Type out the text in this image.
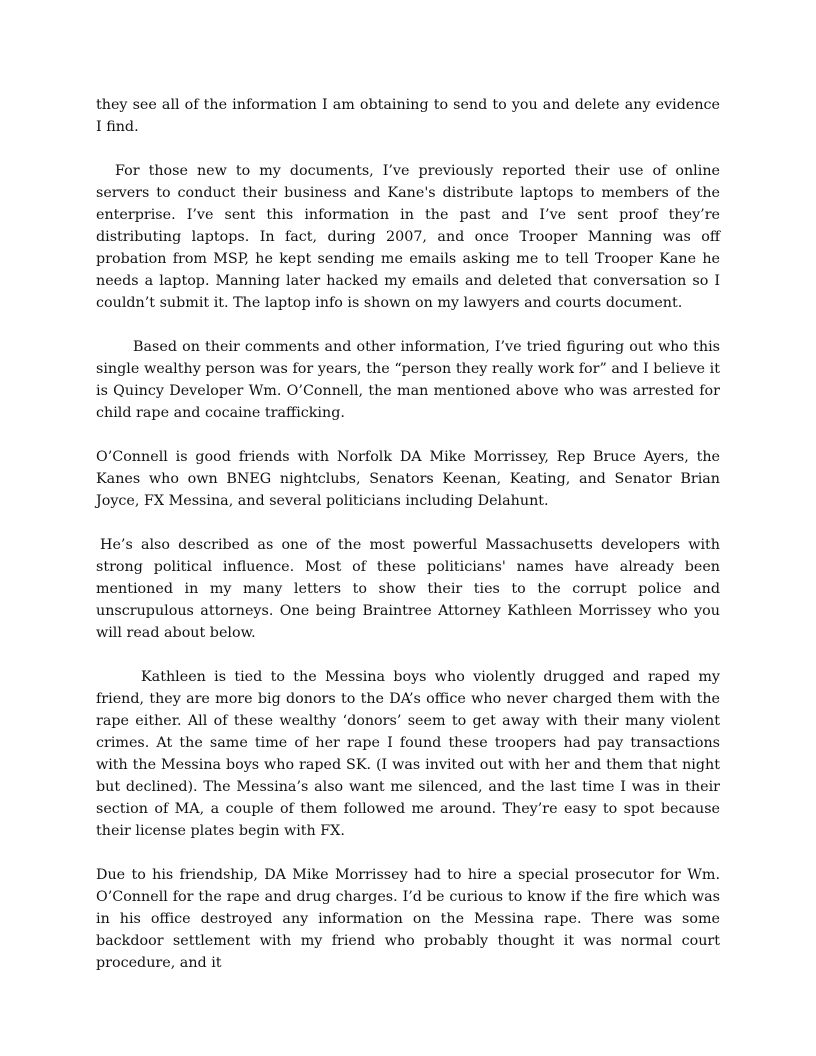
they see all of the information I am obtaining to send to you and delete any evidence I find.

For those new to my documents, I’ve previously reported their use of online servers to conduct their business and Kane's distribute laptops to members of the enterprise. I’ve sent this information in the past and I’ve sent proof they’re distributing laptops. In fact, during 2007, and once Trooper Manning was off probation from MSP, he kept sending me emails asking me to tell Trooper Kane he needs a laptop. Manning later hacked my emails and deleted that conversation so I couldn’t submit it. The laptop info is shown on my lawyers and courts document.

Based on their comments and other information, I’ve tried figuring out who this single wealthy person was for years, the “person they really work for” and I believe it is Quincy Developer Wm. O’Connell, the man mentioned above who was arrested for child rape and cocaine trafficking.

O’Connell is good friends with Norfolk DA Mike Morrissey, Rep Bruce Ayers, the Kanes who own BNEG nightclubs, Senators Keenan, Keating, and Senator Brian Joyce, FX Messina, and several politicians including Delahunt.

He’s also described as one of the most powerful Massachusetts developers with strong political influence. Most of these politicians' names have already been mentioned in my many letters to show their ties to the corrupt police and unscrupulous attorneys. One being Braintree Attorney Kathleen Morrissey who you will read about below.

Kathleen is tied to the Messina boys who violently drugged and raped my friend, they are more big donors to the DA’s office who never charged them with the rape either. All of these wealthy ‘donors’ seem to get away with their many violent crimes. At the same time of her rape I found these troopers had pay transactions with the Messina boys who raped SK. (I was invited out with her and them that night but declined). The Messina’s also want me silenced, and the last time I was in their section of MA, a couple of them followed me around. They’re easy to spot because their license plates begin with FX.

Due to his friendship, DA Mike Morrissey had to hire a special prosecutor for Wm. O’Connell for the rape and drug charges. I’d be curious to know if the fire which was in his office destroyed any information on the Messina rape. There was some backdoor settlement with my friend who probably thought it was normal court procedure, and it
